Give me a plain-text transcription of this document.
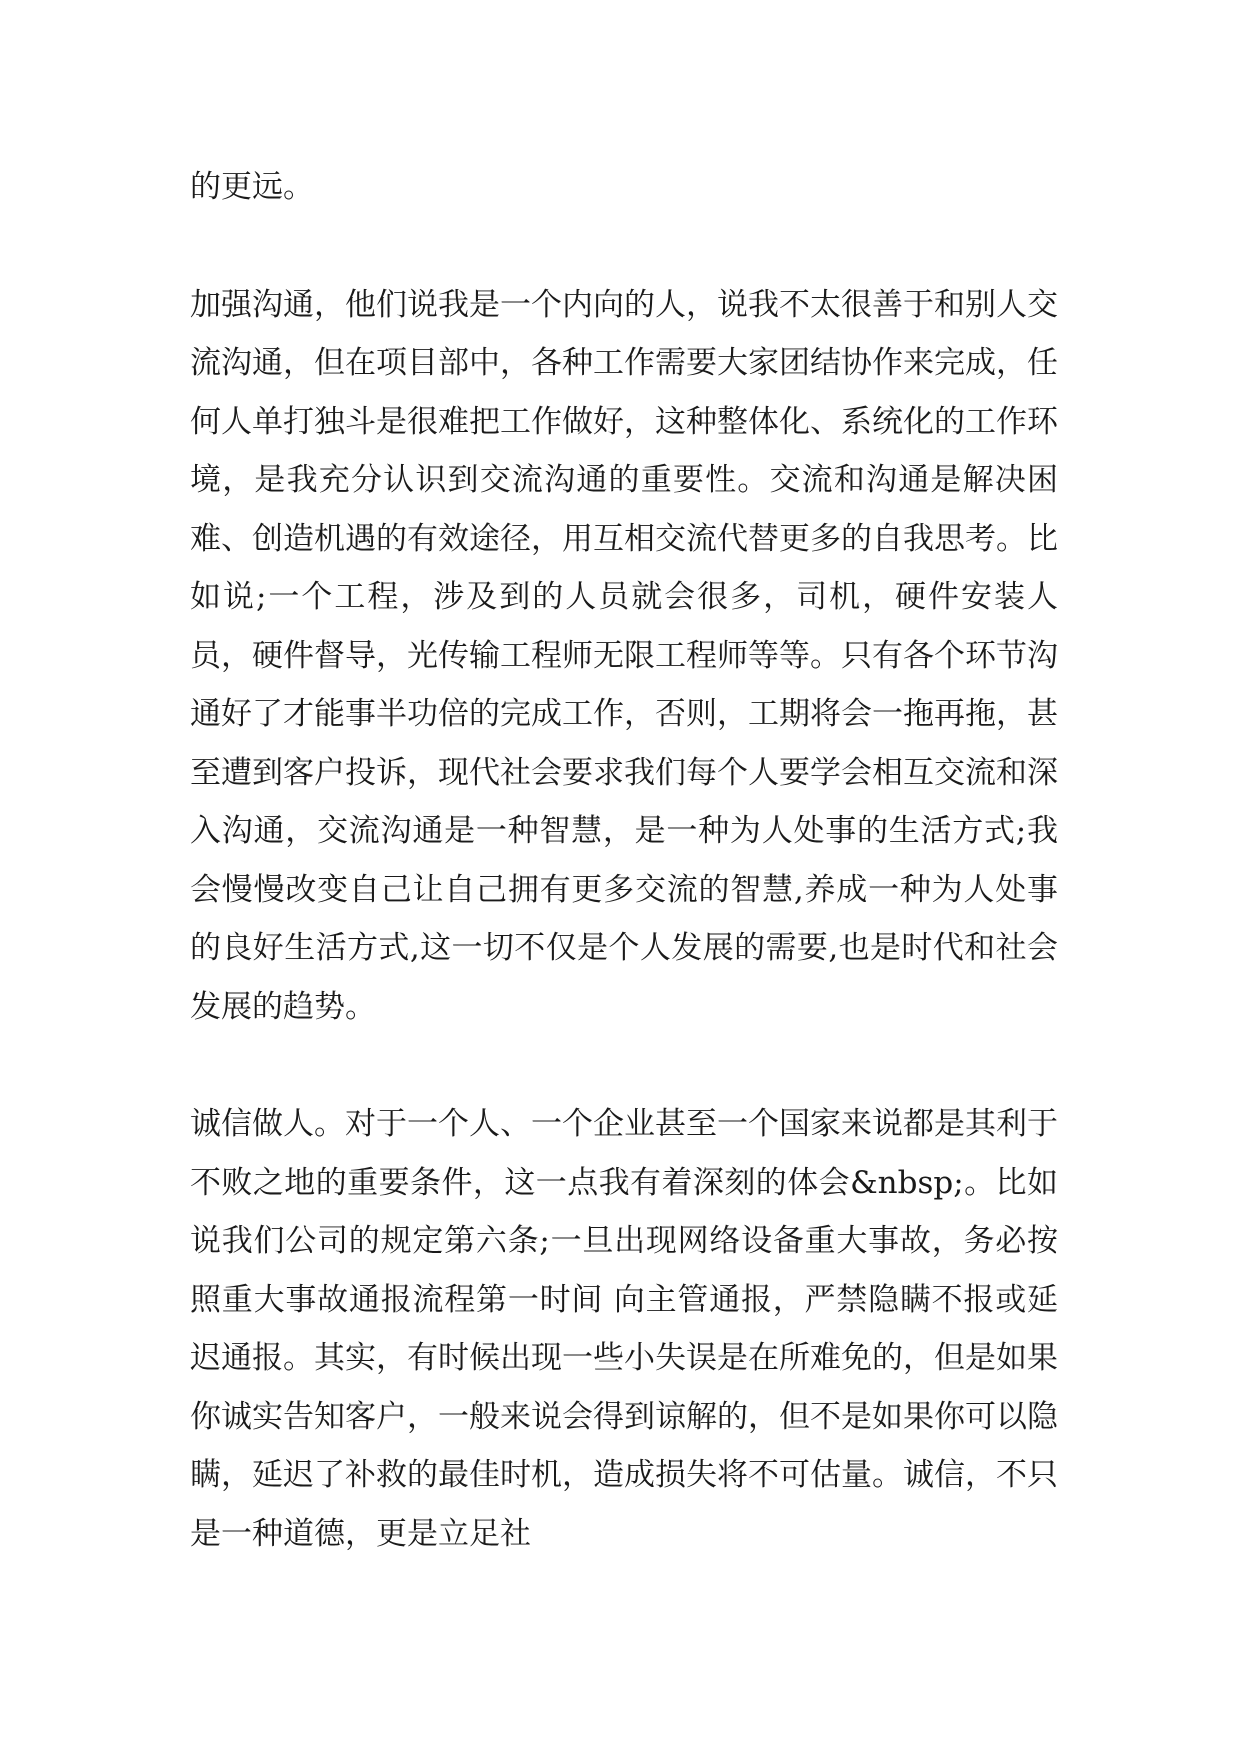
的更远。

加强沟通，他们说我是一个内向的人，说我不太很善于和别人交流沟通，但在项目部中，各种工作需要大家团结协作来完成，任何人单打独斗是很难把工作做好，这种整体化、系统化的工作环境，是我充分认识到交流沟通的重要性。交流和沟通是解决困难、创造机遇的有效途径，用互相交流代替更多的自我思考。比如说;一个工程，涉及到的人员就会很多，司机，硬件安装人员，硬件督导，光传输工程师无限工程师等等。只有各个环节沟通好了才能事半功倍的完成工作，否则，工期将会一拖再拖，甚至遭到客户投诉，现代社会要求我们每个人要学会相互交流和深入沟通，交流沟通是一种智慧，是一种为人处事的生活方式;我会慢慢改变自己让自己拥有更多交流的智慧,养成一种为人处事的良好生活方式,这一切不仅是个人发展的需要,也是时代和社会发展的趋势。

诚信做人。对于一个人、一个企业甚至一个国家来说都是其利于不败之地的重要条件，这一点我有着深刻的体会&nbsp;。比如说我们公司的规定第六条;一旦出现网络设备重大事故，务必按照重大事故通报流程第一时间 向主管通报，严禁隐瞒不报或延迟通报。其实，有时候出现一些小失误是在所难免的，但是如果你诚实告知客户，一般来说会得到谅解的，但不是如果你可以隐瞒，延迟了补救的最佳时机，造成损失将不可估量。诚信，不只是一种道德，更是立足社
